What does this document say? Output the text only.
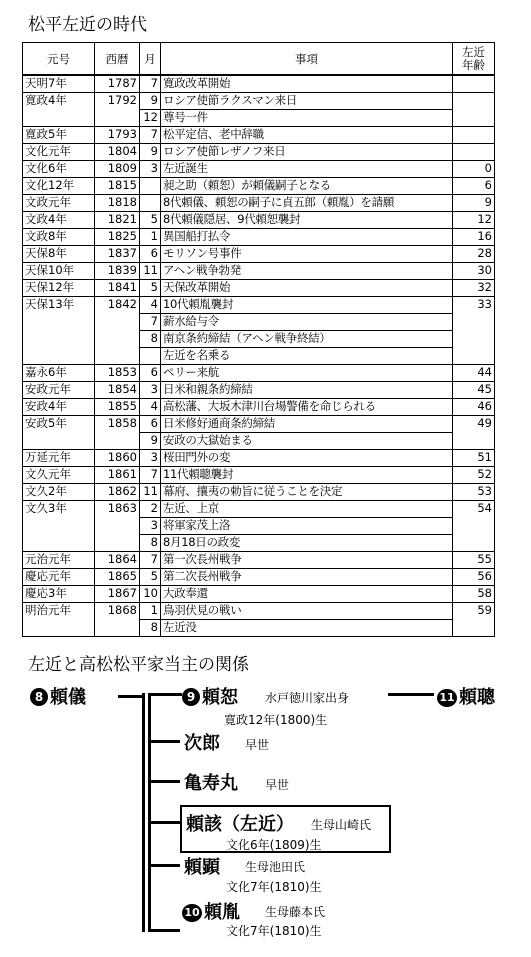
松平左近の時代
元号	西暦	月	事項	左近年齢
天明7年	1787	7	寛政改革開始	
寛政4年	1792	9	ロシア使節ラクスマン来日	
		12	尊号一件	
寛政5年	1793	7	松平定信、老中辞職	
文化元年	1804	9	ロシア使節レザノフ来日	
文化6年	1809	3	左近誕生	0
文化12年	1815		昶之助（頼恕）が頼儀嗣子となる	6
文政元年	1818		8代頼儀、頼恕の嗣子に貞五郎（頼胤）を請願	9
文政4年	1821	5	8代頼儀隠居、9代頼恕襲封	12
文政8年	1825	1	異国船打払令	16
天保8年	1837	6	モリソン号事件	28
天保10年	1839	11	アヘン戦争勃発	30
天保12年	1841	5	天保改革開始	32
天保13年	1842	4	10代頼胤襲封	33
		7	薪水給与令	
		8	南京条約締結（アヘン戦争終結）	
			左近を名乗る	
嘉永6年	1853	6	ペリー来航	44
安政元年	1854	3	日米和親条約締結	45
安政4年	1855	4	高松藩、大坂木津川台場警備を命じられる	46
安政5年	1858	6	日米修好通商条約締結	49
		9	安政の大獄始まる	
万延元年	1860	3	桜田門外の変	51
文久元年	1861	7	11代頼聰襲封	52
文久2年	1862	11	幕府、攘夷の勅旨に従うことを決定	53
文久3年	1863	2	左近、上京	54
		3	将軍家茂上洛	
		8	8月18日の政変	
元治元年	1864	7	第一次長州戦争	55
慶応元年	1865	5	第二次長州戦争	56
慶応3年	1867	10	大政奉還	58
明治元年	1868	1	鳥羽伏見の戦い	59
		8	左近没	
左近と高松松平家当主の関係
8 頼儀	9 頼恕 水戸徳川家出身
寛政12年(1800)生
11 頼聰
次郎 早世
亀寿丸 早世
頼該（左近） 生母山崎氏
文化6年(1809)生
頼顕 生母池田氏
文化7年(1810)生
10 頼胤 生母藤本氏
文化7年(1810)生
